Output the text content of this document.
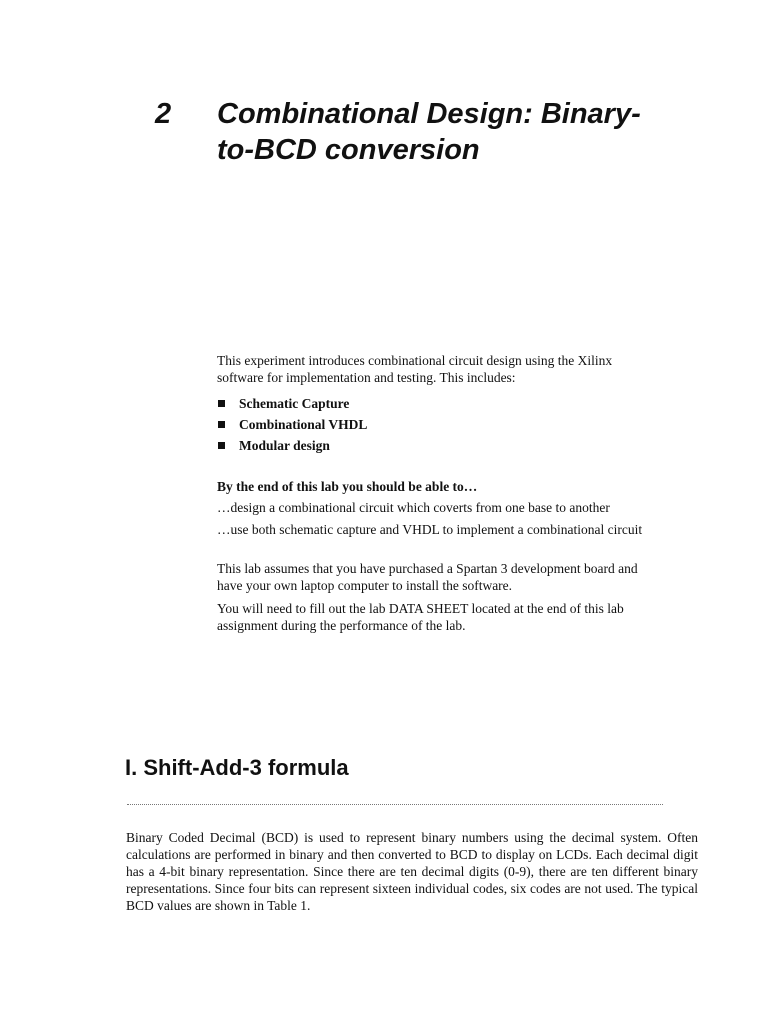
2 Combinational Design: Binary-
to-BCD conversion

This experiment introduces combinational circuit design using the Xilinx software for implementation and testing. This includes:

Schematic Capture
Combinational VHDL
Modular design

By the end of this lab you should be able to…

…design a combinational circuit which coverts from one base to another

…use both schematic capture and VHDL to implement a combinational circuit

This lab assumes that you have purchased a Spartan 3 development board and have your own laptop computer to install the software.

You will need to fill out the lab DATA SHEET located at the end of this lab assignment during the performance of the lab.

I. Shift-Add-3 formula

Binary Coded Decimal (BCD) is used to represent binary numbers using the decimal system. Often calculations are performed in binary and then converted to BCD to display on LCDs. Each decimal digit has a 4-bit binary representation. Since there are ten decimal digits (0-9), there are ten different binary representations. Since four bits can represent sixteen individual codes, six codes are not used. The typical BCD values are shown in Table 1.
